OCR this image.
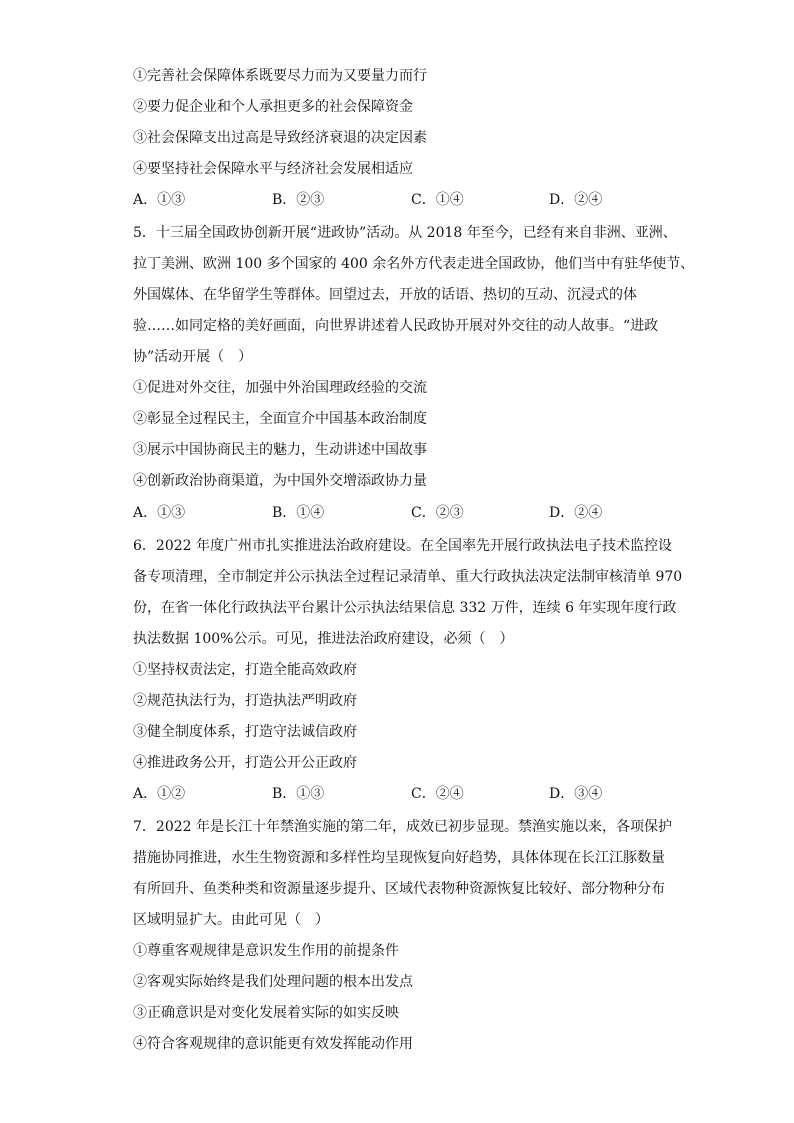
①完善社会保障体系既要尽力而为又要量力而行
②要力促企业和个人承担更多的社会保障资金
③社会保障支出过高是导致经济衰退的决定因素
④要坚持社会保障水平与经济社会发展相适应
A．①③	B．②③	C．①④	D．②④
5．十三届全国政协创新开展“进政协”活动。从 2018 年至今，已经有来自非洲、亚洲、
拉丁美洲、欧洲 100 多个国家的 400 余名外方代表走进全国政协，他们当中有驻华使节、
外国媒体、在华留学生等群体。回望过去，开放的话语、热切的互动、沉浸式的体
验……如同定格的美好画面，向世界讲述着人民政协开展对外交往的动人故事。“进政
协”活动开展（　）
①促进对外交往，加强中外治国理政经验的交流
②彰显全过程民主，全面宣介中国基本政治制度
③展示中国协商民主的魅力，生动讲述中国故事
④创新政治协商渠道，为中国外交增添政协力量
A．①③	B．①④	C．②③	D．②④
6．2022 年度广州市扎实推进法治政府建设。在全国率先开展行政执法电子技术监控设
备专项清理，全市制定并公示执法全过程记录清单、重大行政执法决定法制审核清单 970
份，在省一体化行政执法平台累计公示执法结果信息 332 万件，连续 6 年实现年度行政
执法数据 100%公示。可见，推进法治政府建设，必须（　）
①坚持权责法定，打造全能高效政府
②规范执法行为，打造执法严明政府
③健全制度体系，打造守法诚信政府
④推进政务公开，打造公开公正政府
A．①②	B．①③	C．②④	D．③④
7．2022 年是长江十年禁渔实施的第二年，成效已初步显现。禁渔实施以来，各项保护
措施协同推进，水生生物资源和多样性均呈现恢复向好趋势，具体体现在长江江豚数量
有所回升、鱼类种类和资源量逐步提升、区域代表物种资源恢复比较好、部分物种分布
区域明显扩大。由此可见（　）
①尊重客观规律是意识发生作用的前提条件
②客观实际始终是我们处理问题的根本出发点
③正确意识是对变化发展着实际的如实反映
④符合客观规律的意识能更有效发挥能动作用
